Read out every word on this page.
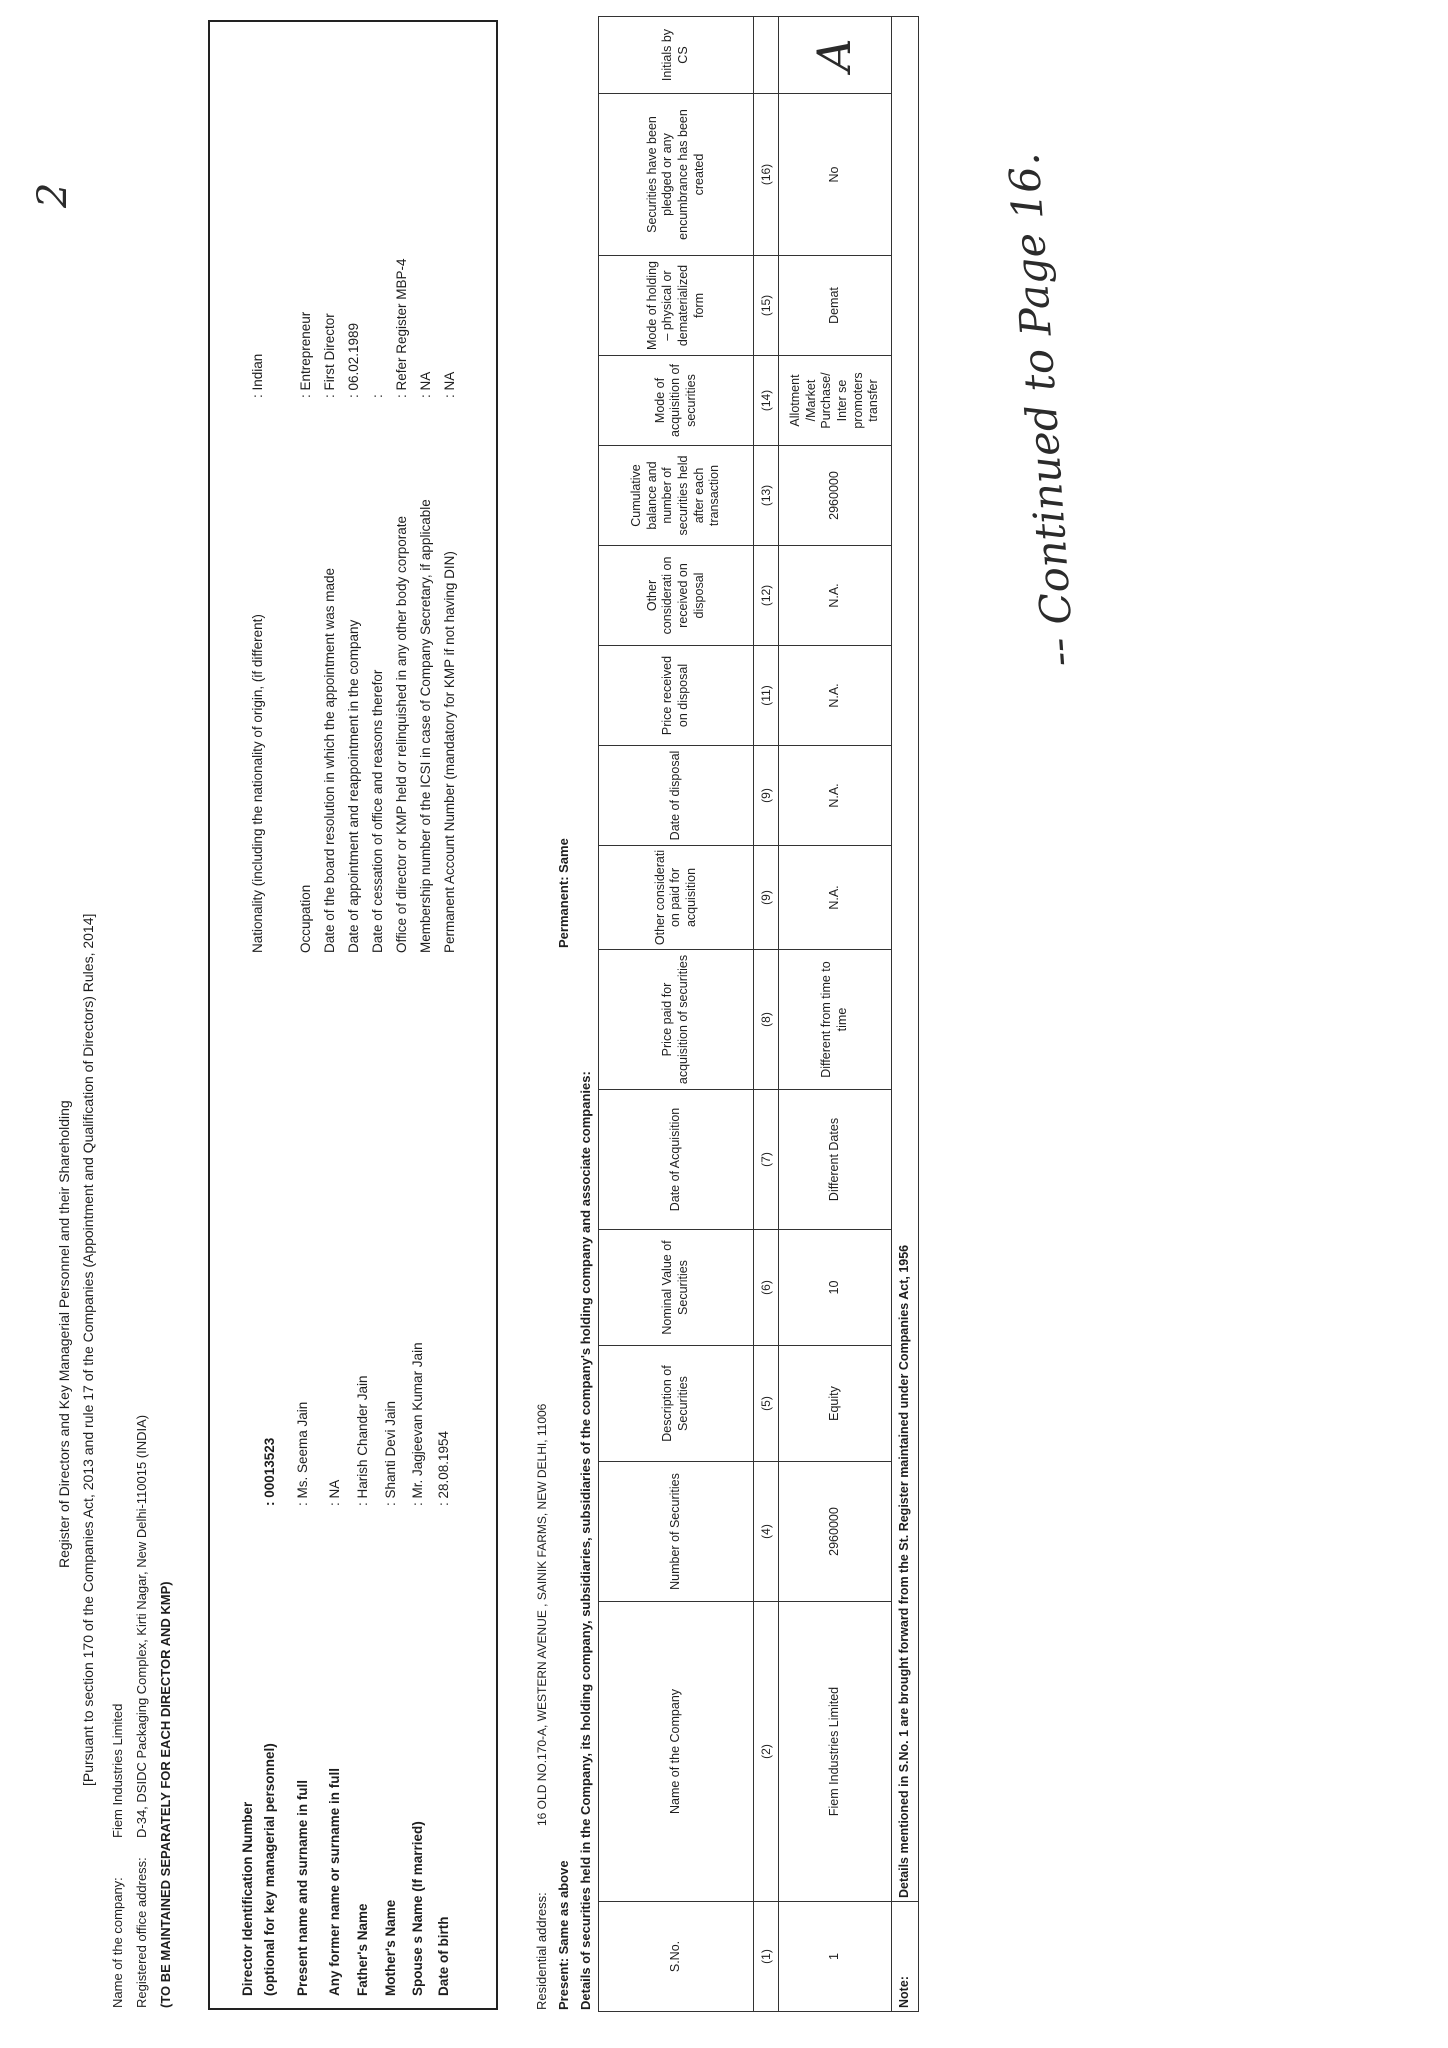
2
Register of Directors and Key Managerial Personnel and their Shareholding [Pursuant to section 170 of the Companies Act, 2013 and rule 17 of the Companies (Appointment and Qualification of Directors) Rules, 2014]
Name of the company:
Fiem Industries Limited
Registered office address:
D-34, DSIDC Packaging Complex, Kirti Nagar, New Delhi-110015 (INDIA) (TO BE MAINTAINED SEPARATELY FOR EACH DIRECTOR AND KMP)	Director Identification Number (optional for key managerial personnel)
: 00013523
Present name and surname in full
: Ms. Seema Jain
Any former name or surname in full
: NA
Father's Name
: Harish Chander Jain
Mother's Name
: Shanti Devi Jain
Spouse s Name (If married)
: Mr. Jagjeevan Kumar Jain
Date of birth
: 28.08.1954
Nationality (including the nationality of origin, (if different)
: Indian
Occupation
: Entrepreneur
Date of the board resolution in which the appointment was made
: First Director
Date of appointment and reappointment in the company
: 06.02.1989
Date of cessation of office and reasons therefor
:
Office of director or KMP held or relinquished in any other body corporate
: Refer Register MBP-4
Membership number of the ICSI in case of Company Secretary, if applicable
: NA
Permanent Account Number (mandatory for KMP if not having DIN)
: NA
Residential address:
16 OLD NO.170-A, WESTERN AVENUE , SAINIK FARMS, NEW DELHI, 11006
Present: Same as above
Permanent: Same
Details of securities held in the Company, its holding company, subsidiaries, subsidiaries of the company's holding company and associate companies:	S.No.	Name of the Company	Number of Securities	Description of Securities	Nominal Value of Securities	Date of Acquisition	Price paid for acquisition of securities	Other considerati on paid for acquisition	Date of disposal	Price received on disposal	Other considerati on received on disposal	Cumulative balance and number of securities held after each transaction	Mode of acquisition of securities	Mode of holding – physical or dematerialized form	Securities have been pledged or any encumbrance has been created	Initials by CS
(1)	(2)	(4)	(5)	(6)	(7)	(8)	(9)	(9)	(11)	(12)	(13)	(14)	(15)	(16)	
1	Fiem Industries Limited	2960000	Equity	10	Different Dates	Different from time to time	N.A.	N.A.	N.A.	N.A.	2960000	Allotment /Market Purchase/ Inter se promoters transfer	Demat	No	A
Note:	Details mentioned in S.No. 1 are brought forward from the St. Register maintained under Companies Act, 1956														
-- Continued to Page 16.
